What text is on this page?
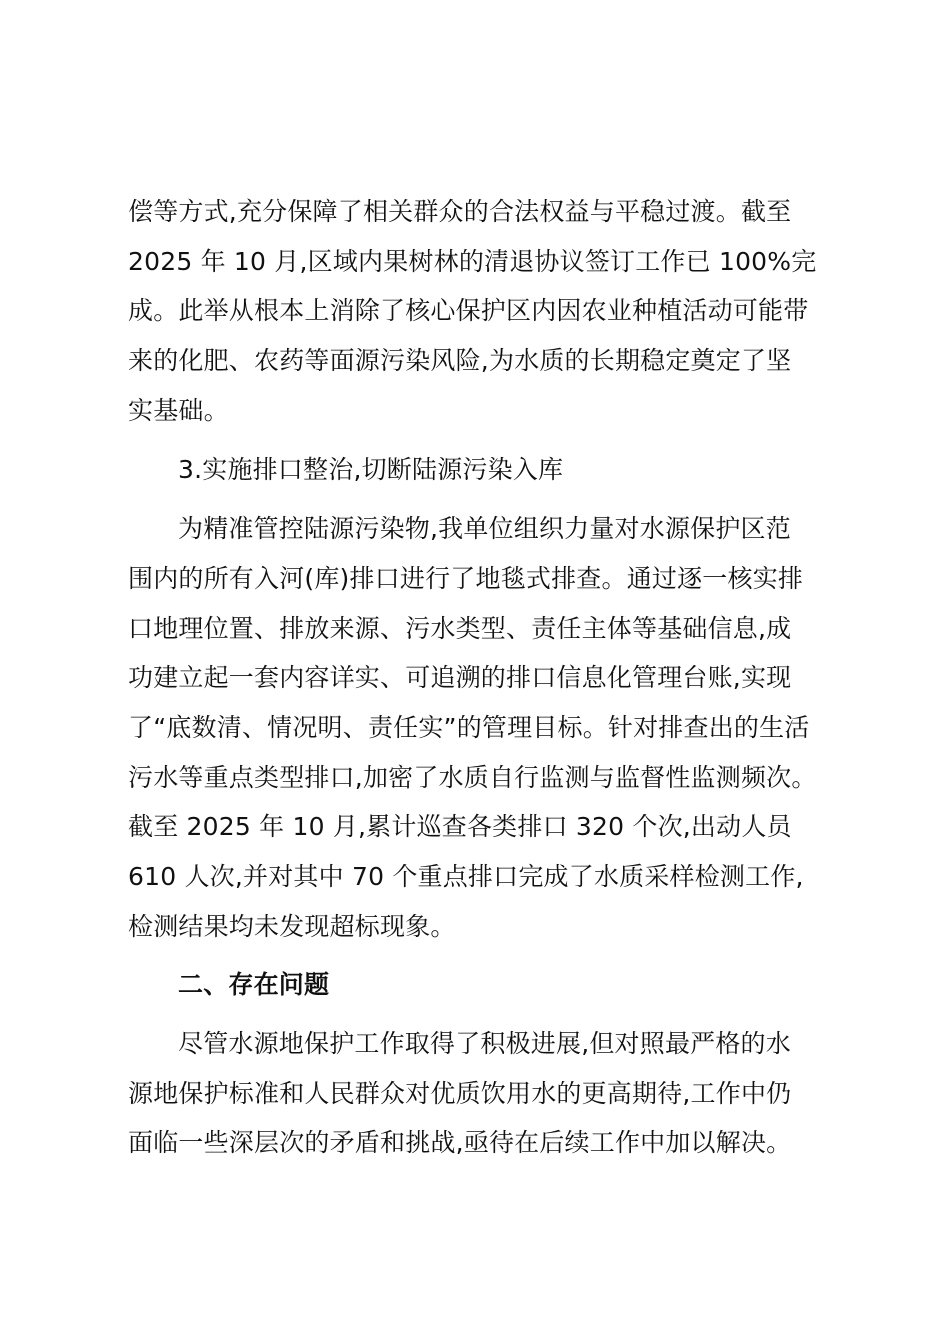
偿等方式,充分保障了相关群众的合法权益与平稳过渡。截至
2025 年 10 月,区域内果树林的清退协议签订工作已 100%完
成。此举从根本上消除了核心保护区内因农业种植活动可能带
来的化肥、农药等面源污染风险,为水质的长期稳定奠定了坚
实基础。
3.实施排口整治,切断陆源污染入库
为精准管控陆源污染物,我单位组织力量对水源保护区范
围内的所有入河(库)排口进行了地毯式排查。通过逐一核实排
口地理位置、排放来源、污水类型、责任主体等基础信息,成
功建立起一套内容详实、可追溯的排口信息化管理台账,实现
了“底数清、情况明、责任实”的管理目标。针对排查出的生活
污水等重点类型排口,加密了水质自行监测与监督性监测频次。
截至 2025 年 10 月,累计巡查各类排口 320 个次,出动人员
610 人次,并对其中 70 个重点排口完成了水质采样检测工作,
检测结果均未发现超标现象。
二、存在问题
尽管水源地保护工作取得了积极进展,但对照最严格的水
源地保护标准和人民群众对优质饮用水的更高期待,工作中仍
面临一些深层次的矛盾和挑战,亟待在后续工作中加以解决。
